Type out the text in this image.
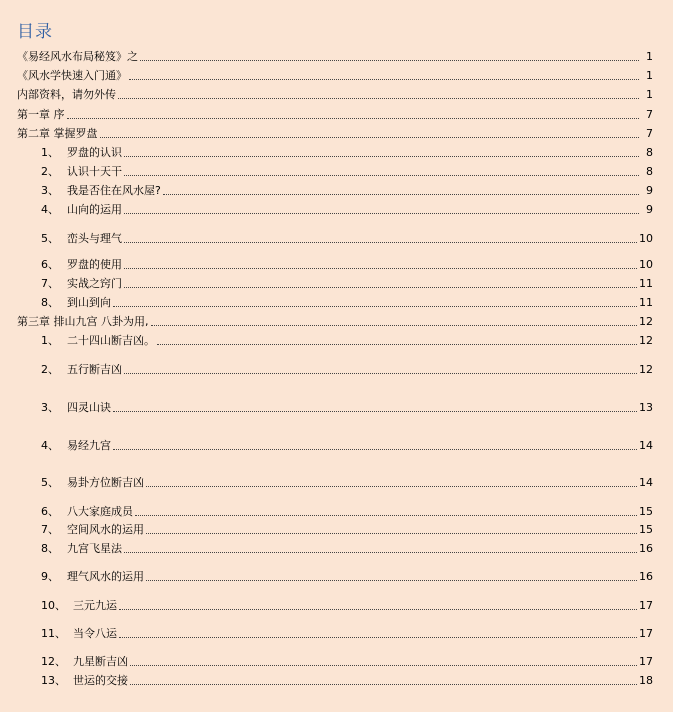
目录
《易经风水布局秘笈》之	1
《风水学快速入门通》	1
内部资料，请勿外传	1
第一章 序	7
第二章 掌握罗盘	7
1、 罗盘的认识	8
2、 认识十天干	8
3、 我是否住在风水屋?	9
4、 山向的运用	9
5、 峦头与理气	10
6、 罗盘的使用	10
7、 实战之窍门	11
8、 到山到向	11
第三章 排山九宫 八卦为用,	12
1、 二十四山断吉凶。	12
2、 五行断吉凶	12
3、 四灵山诀	13
4、 易经九宫	14
5、 易卦方位断吉凶	14
6、 八大家庭成员	15
7、 空间风水的运用	15
8、 九宫飞星法	16
9、 理气风水的运用	16
10、 三元九运	17
11、 当令八运	17
12、 九星断吉凶	17
13、 世运的交接	18
